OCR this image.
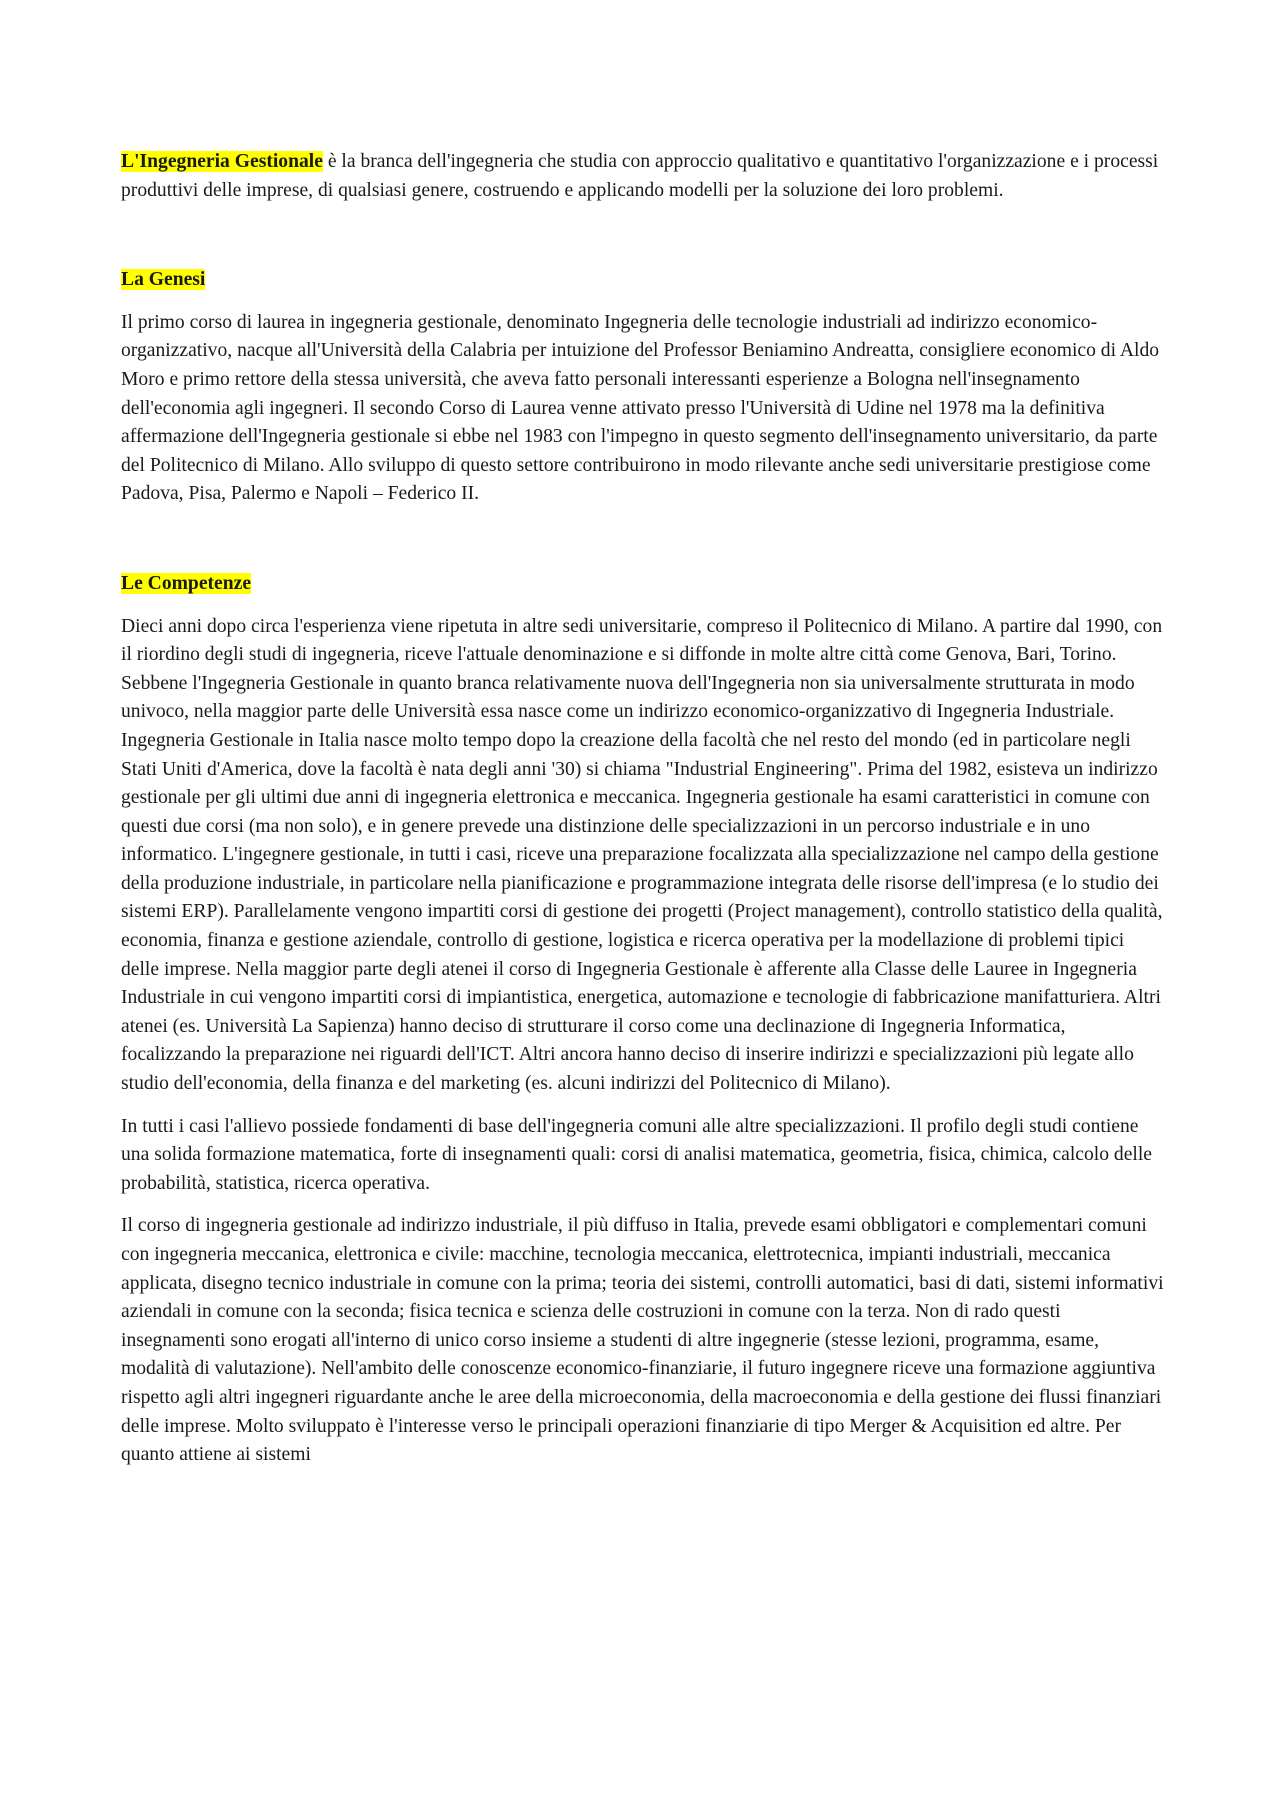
L'Ingegneria Gestionale è la branca dell'ingegneria che studia con approccio qualitativo e quantitativo l'organizzazione e i processi produttivi delle imprese, di qualsiasi genere, costruendo e applicando modelli per la soluzione dei loro problemi.

La Genesi

Il primo corso di laurea in ingegneria gestionale, denominato Ingegneria delle tecnologie industriali ad indirizzo economico-organizzativo, nacque all'Università della Calabria per intuizione del Professor Beniamino Andreatta, consigliere economico di Aldo Moro e primo rettore della stessa università, che aveva fatto personali interessanti esperienze a Bologna nell'insegnamento dell'economia agli ingegneri. Il secondo Corso di Laurea venne attivato presso l'Università di Udine nel 1978 ma la definitiva affermazione dell'Ingegneria gestionale si ebbe nel 1983 con l'impegno in questo segmento dell'insegnamento universitario, da parte del Politecnico di Milano. Allo sviluppo di questo settore contribuirono in modo rilevante anche sedi universitarie prestigiose come Padova, Pisa, Palermo e Napoli – Federico II.

Le Competenze

Dieci anni dopo circa l'esperienza viene ripetuta in altre sedi universitarie, compreso il Politecnico di Milano. A partire dal 1990, con il riordino degli studi di ingegneria, riceve l'attuale denominazione e si diffonde in molte altre città come Genova, Bari, Torino. Sebbene l'Ingegneria Gestionale in quanto branca relativamente nuova dell'Ingegneria non sia universalmente strutturata in modo univoco, nella maggior parte delle Università essa nasce come un indirizzo economico-organizzativo di Ingegneria Industriale. Ingegneria Gestionale in Italia nasce molto tempo dopo la creazione della facoltà che nel resto del mondo (ed in particolare negli Stati Uniti d'America, dove la facoltà è nata degli anni '30) si chiama "Industrial Engineering". Prima del 1982, esisteva un indirizzo gestionale per gli ultimi due anni di ingegneria elettronica e meccanica. Ingegneria gestionale ha esami caratteristici in comune con questi due corsi (ma non solo), e in genere prevede una distinzione delle specializzazioni in un percorso industriale e in uno informatico. L'ingegnere gestionale, in tutti i casi, riceve una preparazione focalizzata alla specializzazione nel campo della gestione della produzione industriale, in particolare nella pianificazione e programmazione integrata delle risorse dell'impresa (e lo studio dei sistemi ERP). Parallelamente vengono impartiti corsi di gestione dei progetti (Project management), controllo statistico della qualità, economia, finanza e gestione aziendale, controllo di gestione, logistica e ricerca operativa per la modellazione di problemi tipici delle imprese. Nella maggior parte degli atenei il corso di Ingegneria Gestionale è afferente alla Classe delle Lauree in Ingegneria Industriale in cui vengono impartiti corsi di impiantistica, energetica, automazione e tecnologie di fabbricazione manifatturiera. Altri atenei (es. Università La Sapienza) hanno deciso di strutturare il corso come una declinazione di Ingegneria Informatica, focalizzando la preparazione nei riguardi dell'ICT. Altri ancora hanno deciso di inserire indirizzi e specializzazioni più legate allo studio dell'economia, della finanza e del marketing (es. alcuni indirizzi del Politecnico di Milano).

In tutti i casi l'allievo possiede fondamenti di base dell'ingegneria comuni alle altre specializzazioni. Il profilo degli studi contiene una solida formazione matematica, forte di insegnamenti quali: corsi di analisi matematica, geometria, fisica, chimica, calcolo delle probabilità, statistica, ricerca operativa.

Il corso di ingegneria gestionale ad indirizzo industriale, il più diffuso in Italia, prevede esami obbligatori e complementari comuni con ingegneria meccanica, elettronica e civile: macchine, tecnologia meccanica, elettrotecnica, impianti industriali, meccanica applicata, disegno tecnico industriale in comune con la prima; teoria dei sistemi, controlli automatici, basi di dati, sistemi informativi aziendali in comune con la seconda; fisica tecnica e scienza delle costruzioni in comune con la terza. Non di rado questi insegnamenti sono erogati all'interno di unico corso insieme a studenti di altre ingegnerie (stesse lezioni, programma, esame, modalità di valutazione). Nell'ambito delle conoscenze economico-finanziarie, il futuro ingegnere riceve una formazione aggiuntiva rispetto agli altri ingegneri riguardante anche le aree della microeconomia, della macroeconomia e della gestione dei flussi finanziari delle imprese. Molto sviluppato è l'interesse verso le principali operazioni finanziarie di tipo Merger & Acquisition ed altre. Per quanto attiene ai sistemi
